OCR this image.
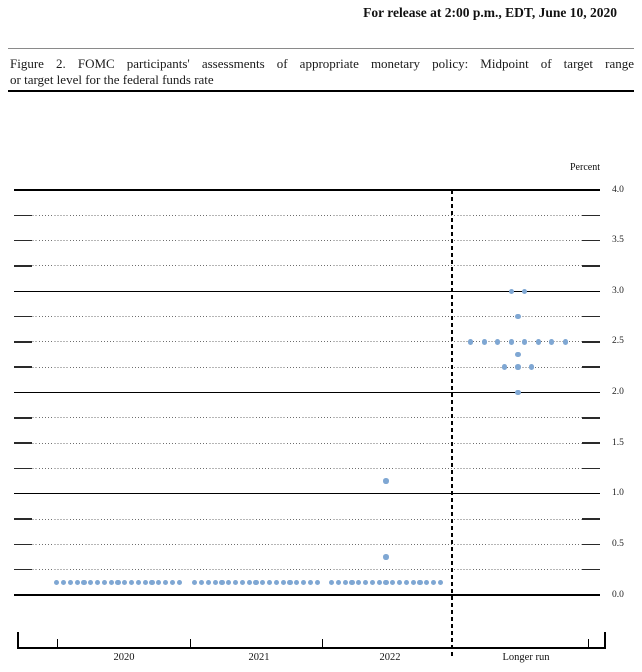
For release at 2:00 p.m., EDT, June 10, 2020
Figure 2. FOMC participants' assessments of appropriate monetary policy: Midpoint of target range
or target level for the federal funds rate
4.0
3.5
3.0
2.5
2.0
1.5
1.0
0.5
0.0
Percent
2020	2021	2022	Longer run
